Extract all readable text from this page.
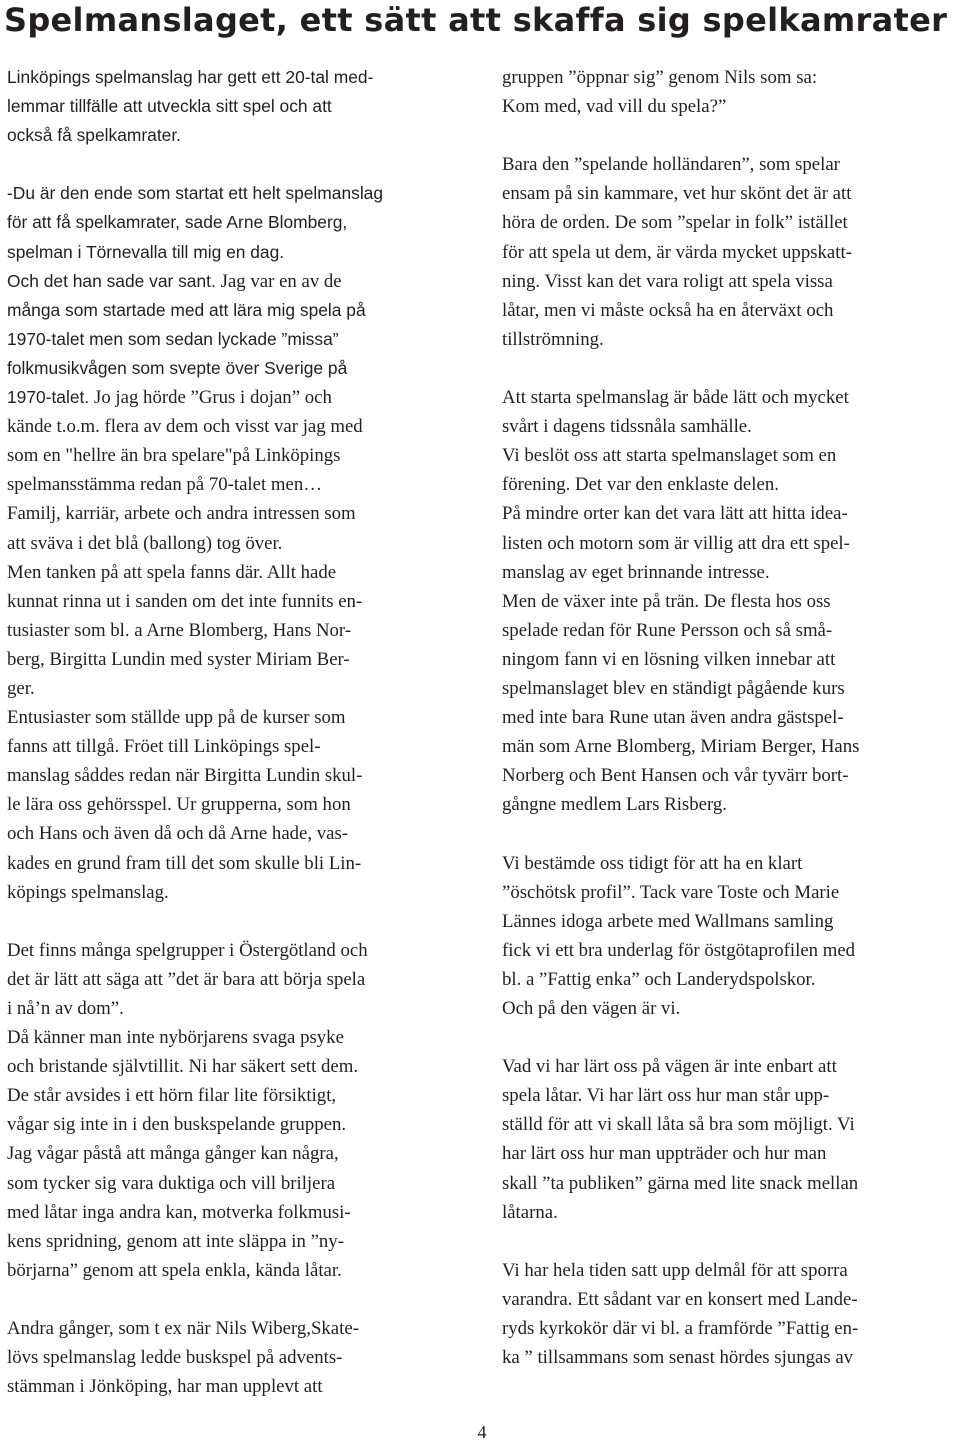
Spelmanslaget, ett sätt att skaffa sig spelkamrater
Linköpings spelmanslag har gett ett 20-tal med-
lemmar tillfälle att utveckla sitt spel och att
också få spelkamrater.
-Du är den ende som startat ett helt spelmanslag
för att få spelkamrater, sade Arne Blomberg,
spelman i Törnevalla till mig en dag.
Och det han sade var sant. Jag var en av de
många som startade med att lära mig spela på
1970-talet men som sedan lyckade ”missa”
folkmusikvågen som svepte över Sverige på
1970-talet. Jo jag hörde ”Grus i dojan” och
kände t.o.m. flera av dem och visst var jag med
som en "hellre än bra spelare"på Linköpings
spelmansstämma redan på 70-talet men…
Familj, karriär, arbete och andra intressen som
att sväva i det blå (ballong) tog över.
Men tanken på att spela fanns där. Allt hade
kunnat rinna ut i sanden om det inte funnits en-
tusiaster som bl. a Arne Blomberg, Hans Nor-
berg, Birgitta Lundin med syster Miriam Ber-
ger.
Entusiaster som ställde upp på de kurser som
fanns att tillgå. Fröet till Linköpings spel-
manslag såddes redan när Birgitta Lundin skul-
le lära oss gehörsspel. Ur grupperna, som hon
och Hans och även då och då Arne hade, vas-
kades en grund fram till det som skulle bli Lin-
köpings spelmanslag.
Det finns många spelgrupper i Östergötland och
det är lätt att säga att ”det är bara att börja spela
i nå’n av dom”.
Då känner man inte nybörjarens svaga psyke
och bristande självtillit. Ni har säkert sett dem.
De står avsides i ett hörn filar lite försiktigt,
vågar sig inte in i den buskspelande gruppen.
Jag vågar påstå att många gånger kan några,
som tycker sig vara duktiga och vill briljera
med låtar inga andra kan, motverka folkmusi-
kens spridning, genom att inte släppa in ”ny-
börjarna” genom att spela enkla, kända låtar.
Andra gånger, som t ex när Nils Wiberg,Skate-
lövs spelmanslag ledde buskspel på advents-
stämman i Jönköping, har man upplevt att
gruppen ”öppnar sig” genom Nils som sa:
Kom med, vad vill du spela?”
Bara den ”spelande holländaren”, som spelar
ensam på sin kammare, vet hur skönt det är att
höra de orden. De som ”spelar in folk” istället
för att spela ut dem, är värda mycket uppskatt-
ning. Visst kan det vara roligt att spela vissa
låtar, men vi måste också ha en återväxt och
tillströmning.
Att starta spelmanslag är både lätt och mycket
svårt i dagens tidssnåla samhälle.
Vi beslöt oss att starta spelmanslaget som en
förening. Det var den enklaste delen.
På mindre orter kan det vara lätt att hitta idea-
listen och motorn som är villig att dra ett spel-
manslag av eget brinnande intresse.
Men de växer inte på trän. De flesta hos oss
spelade redan för Rune Persson och så små-
ningom fann vi en lösning vilken innebar att
spelmanslaget blev en ständigt pågående kurs
med inte bara Rune utan även andra gästspel-
män som Arne Blomberg, Miriam Berger, Hans
Norberg och Bent Hansen och vår tyvärr bort-
gångne medlem Lars Risberg.
Vi bestämde oss tidigt för att ha en klart
”öschötsk profil”. Tack vare Toste och Marie
Lännes idoga arbete med Wallmans samling
fick vi ett bra underlag för östgötaprofilen med
bl. a ”Fattig enka” och Landerydspolskor.
Och på den vägen är vi.
Vad vi har lärt oss på vägen är inte enbart att
spela låtar. Vi har lärt oss hur man står upp-
ställd för att vi skall låta så bra som möjligt. Vi
har lärt oss hur man uppträder och hur man
skall ”ta publiken” gärna med lite snack mellan
låtarna.
Vi har hela tiden satt upp delmål för att sporra
varandra. Ett sådant var en konsert med Lande-
ryds kyrkokör där vi bl. a framförde ”Fattig en-
ka ” tillsammans som senast hördes sjungas av
4
